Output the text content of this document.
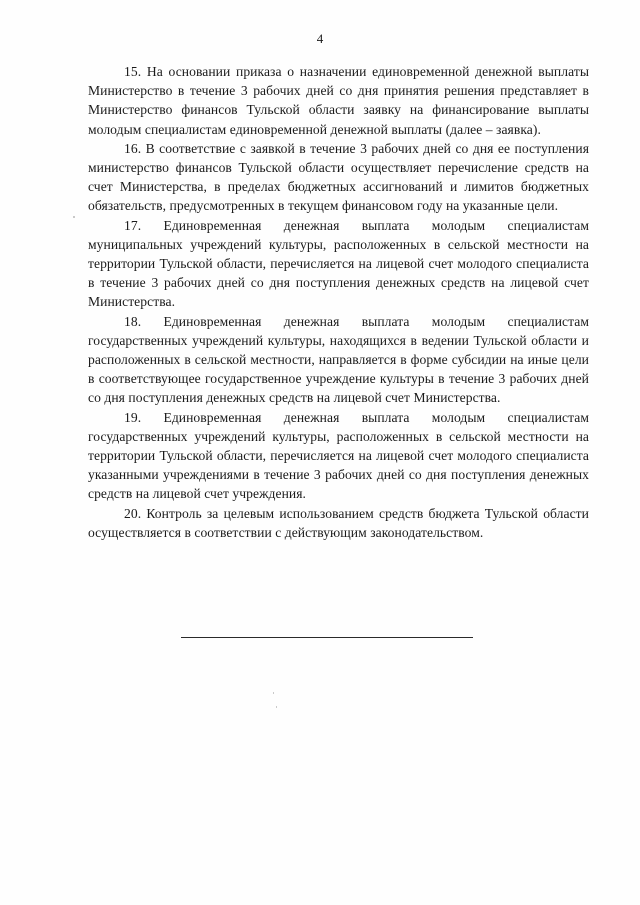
4

15. На основании приказа о назначении единовременной денежной выплаты Министерство в течение 3 рабочих дней со дня принятия решения представляет в Министерство финансов Тульской области заявку на финансирование выплаты молодым специалистам единовременной денежной выплаты (далее – заявка).

16. В соответствие с заявкой в течение 3 рабочих дней со дня ее поступления министерство финансов Тульской области осуществляет перечисление средств на счет Министерства, в пределах бюджетных ассигнований и лимитов бюджетных обязательств, предусмотренных в текущем финансовом году на указанные цели.

17. Единовременная денежная выплата молодым специалистам муниципальных учреждений культуры, расположенных в сельской местности на территории Тульской области, перечисляется на лицевой счет молодого специалиста в течение 3 рабочих дней со дня поступления денежных средств на лицевой счет Министерства.

18. Единовременная денежная выплата молодым специалистам государственных учреждений культуры, находящихся в ведении Тульской области и расположенных в сельской местности, направляется в форме субсидии на иные цели в соответствующее государственное учреждение культуры в течение 3 рабочих дней со дня поступления денежных средств на лицевой счет Министерства.

19. Единовременная денежная выплата молодым специалистам государственных учреждений культуры, расположенных в сельской местности на территории Тульской области, перечисляется на лицевой счет молодого специалиста указанными учреждениями в течение 3 рабочих дней со дня поступления денежных средств на лицевой счет учреждения.

20. Контроль за целевым использованием средств бюджета Тульской области осуществляется в соответствии с действующим законодательством.
